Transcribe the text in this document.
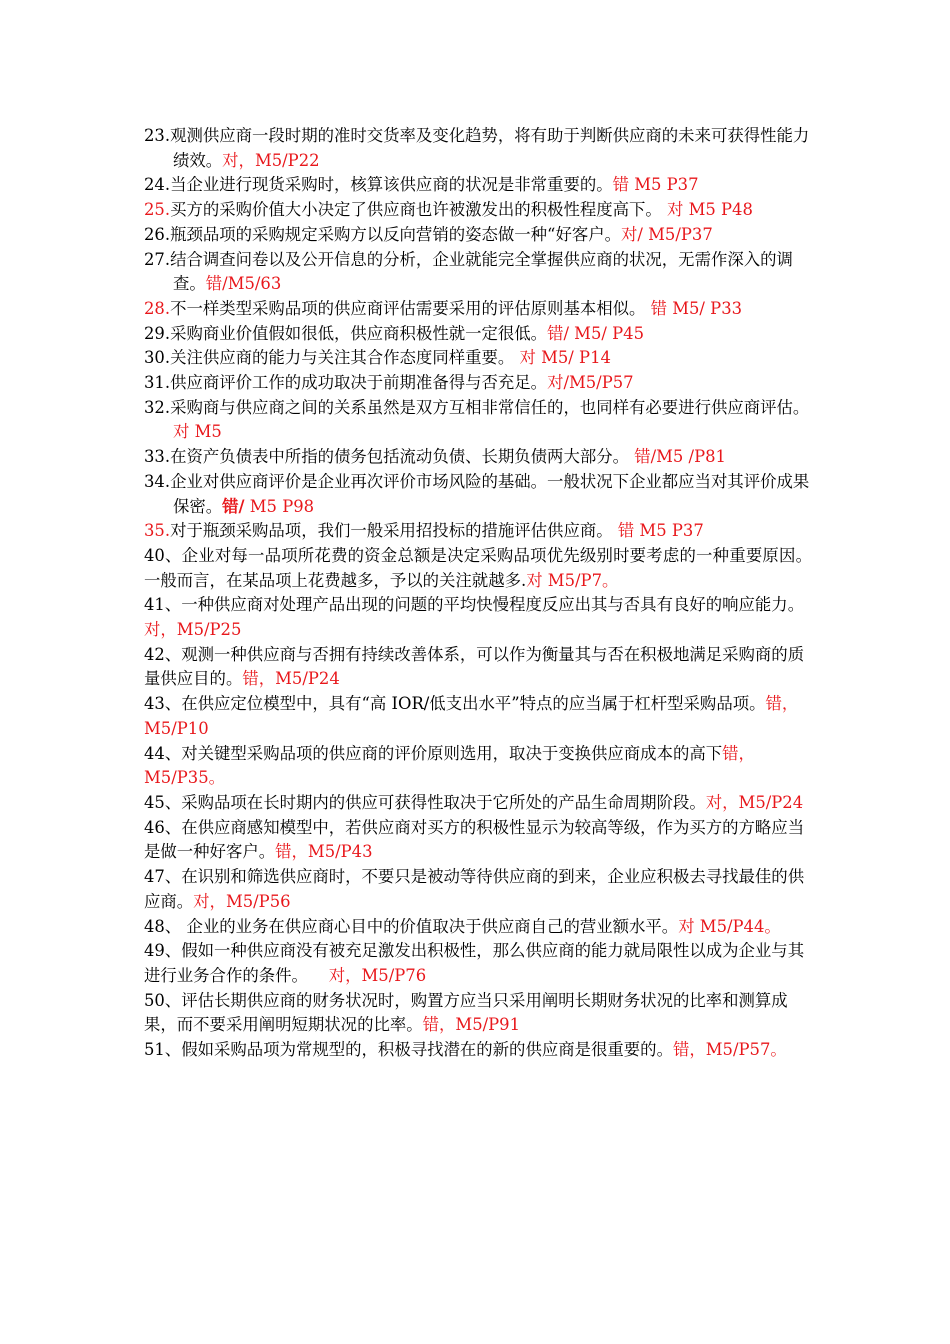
23.观测供应商一段时期的准时交货率及变化趋势，将有助于判断供应商的未来可获得性能力绩效。对，M5/P22

24.当企业进行现货采购时，核算该供应商的状况是非常重要的。错 M5 P37

25.买方的采购价值大小决定了供应商也许被激发出的积极性程度高下。 对 M5 P48

26.瓶颈品项的采购规定采购方以反向营销的姿态做一种“好客户。对/ M5/P37

27.结合调查问卷以及公开信息的分析，企业就能完全掌握供应商的状况，无需作深入的调查。错/M5/63

28.不一样类型采购品项的供应商评估需要采用的评估原则基本相似。 错 M5/ P33

29.采购商业价值假如很低，供应商积极性就一定很低。错/ M5/ P45

30.关注供应商的能力与关注其合作态度同样重要。 对 M5/ P14

31.供应商评价工作的成功取决于前期准备得与否充足。对/M5/P57

32.采购商与供应商之间的关系虽然是双方互相非常信任的，也同样有必要进行供应商评估。 对 M5

33.在资产负债表中所指的债务包括流动负债、长期负债两大部分。 错/M5 /P81

34.企业对供应商评价是企业再次评价市场风险的基础。一般状况下企业都应当对其评价成果保密。错/ M5 P98

35.对于瓶颈采购品项，我们一般采用招投标的措施评估供应商。 错 M5 P37

40、企业对每一品项所花费的资金总额是决定采购品项优先级别时要考虑的一种重要原因。一般而言，在某品项上花费越多，予以的关注就越多.对 M5/P7。

41、一种供应商对处理产品出现的问题的平均快慢程度反应出其与否具有良好的响应能力。对，M5/P25

42、观测一种供应商与否拥有持续改善体系，可以作为衡量其与否在积极地满足采购商的质量供应目的。错，M5/P24

43、在供应定位模型中，具有“高 IOR/低支出水平”特点的应当属于杠杆型采购品项。错，M5/P10

44、对关键型采购品项的供应商的评价原则选用，取决于变换供应商成本的高下错，M5/P35。

45、采购品项在长时期内的供应可获得性取决于它所处的产品生命周期阶段。对，M5/P24

46、在供应商感知模型中，若供应商对买方的积极性显示为较高等级，作为买方的方略应当是做一种好客户。错，M5/P43

47、在识别和筛选供应商时，不要只是被动等待供应商的到来，企业应积极去寻找最佳的供应商。对，M5/P56

48、 企业的业务在供应商心目中的价值取决于供应商自己的营业额水平。对 M5/P44。

49、假如一种供应商没有被充足激发出积极性，那么供应商的能力就局限性以成为企业与其进行业务合作的条件。    对，M5/P76

50、评估长期供应商的财务状况时，购置方应当只采用阐明长期财务状况的比率和测算成果，而不要采用阐明短期状况的比率。错，M5/P91

51、假如采购品项为常规型的，积极寻找潜在的新的供应商是很重要的。错，M5/P57。
